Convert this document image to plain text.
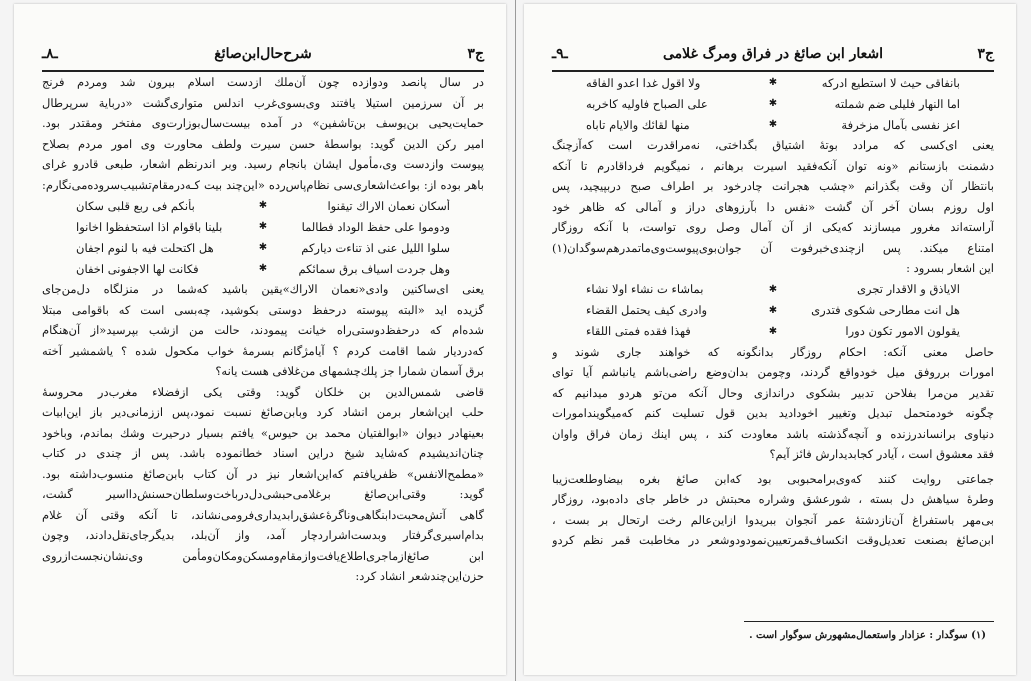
ج۳
شرح‌حال‌ابن‌صائغ
ـ۸ـ
در سال پانصد ودوازده چون آن‌ملك ازدست اسلام بیرون شد ومردم فرنج
بر آن سرزمین استیلا یافتند وی‌بسوی‌غرب اندلس متواری‌گشت «درباية سرپرطال
حمایت‌یحیی بن‌یوسف بن‌تاشفین» در آمده بیست‌سال‌بوزارت‌وی مفتخر ومقتدر بود.
امیر رکن الدین گوید: بواسطهٔ حسن سیرت ولطف محاورت وی امور مردم بصلاح
پیوست وازدست وی،مأمول ایشان بانجام رسید. وبر اندرنظم اشعار، طبعی قادرو غرای
باهر بوده از: بواعث‌اشعار‌ی‌سی نظام‌پاس‌رده «این‌چند بیت کـه‌درمقام‌تشبیب‌سروده‌می‌نگارم:
أسكان نعمان الاراك تيقنوا
✱
بأنكم فى ربع قلبى سكان
ودوموا على حفظ الوداد فطالما
✱
بلينا باقوام اذا استحفظوا اخانوا
سلوا الليل عنى اذ تناءت دياركم
✱
هل اكتحلت فيه با لنوم اجفان
وهل جردت اسياف برق سمائكم
✱
فكانت لها الاجفونی اخفان
یعنی ای‌ساکنین وادی«نعمان الاراك»یقین باشید که‌شما در منزلگاه دل‌من‌جای
گزیده اید «البته پیوسته درحفظ دوستی بکوشید، چه‌بسی است که باقوامی مبتلا
شده‌ام که درحفظ‌دوستی‌راه خیانت پیمودند، حالت من ازشب بپرسید«از آن‌هنگام
که‌دردیار شما اقامت کردم ؟ آیامژگانم بسرمهٔ خواب مکحول شده ؟ یاشمشیر آخته
برق آسمان شمارا جز پلك‌چشمهای من‌غلافی هست یانه؟
قاضی شمس‌الدین بن خلکان گوید: وقتی یکی ازفضلاء مغرب‌در محروسهٔ
حلب این‌اشعار برمن انشاد کرد وبابن‌صائغ نسبت نمود،پس اززمانی‌دیر باز این‌ابیات
بعینها‌در دیوان «ابوالفتیان محمد بن حیوس» یافتم بسیار درحیرت وشك بماندم، وباخود
چنان‌اندیشیدم که‌شاید شیخ دراین اسناد خطانموده باشد. پس از چندی در کتاب
«مطمح‌الانفس» ظفریافتم که‌این‌اشعار نیز در آن کتاب بابن‌صائغ منسوب‌داشته بود.
گوید: وقتی‌ابن‌صائغ برغلامی‌حبشی‌دل‌درباخت‌و‌سلطان‌حسنش‌دا‌اسیر گشت،
گاهی آتش‌محبت‌دا‌بنگاهی‌وناگرهٔ‌عشق‌را‌بدیداری‌فرومی‌نشاند، تا آنکه وقتی آن غلام
بدام‌اسیری‌گرفتار و‌بدست‌اشرار‌دچار آمد، و‌از آن‌بلد، بدیگرجای‌نقل‌دادند، وچون
ابن صائغ‌ازماجری‌اطلاع‌یافت‌وازمقام‌ومسکن‌ومکان‌ومأمن وی‌نشان‌نجست‌ازروی
حزن‌این‌چندشعر انشاد کرد:
ج۳
اشعار ابن صائغ در فراق ومرگ غلامی
ـ۹ـ
بانفاقی حیث لا استطیع ادرکه
✱
ولا اقول غدا اعدو الفاقه
اما النهار فليلى ضم شملته
✱
على الصباح فاوليه كاخربه
اعز نفسى بآمال مزخرفة
✱
منها لقائك والايام تاباه
یعنی ای‌کسی که مرادد بوتهٔ اشتیاق بگداختی، نه‌مراقدرت است که‌آزچنگ
دشمنت بازستانم «ونه توان آنکه‌فقید اسیرت برهانم ، نمیگویم فرداقادرم تا آنکه
بانتظار آن وقت بگذرانم «چشب هجرانت چادرخود بر اطراف صبح دربپیچید، پس
اول روزم بسان آخر آن گشت «نفس دا بآرزوهای دراز و آمالی که ظاهر خود
آراسته‌اند مغرور میسازند که‌یکی از آن آمال وصل روی تواست، با آنکه روزگار
امتناع میکند. پس ازچندی‌خبرفوت آن جوان‌بوی‌پیوست‌وی‌ماتمدرهم‌سوگدان(۱)
این اشعار بسرود :
الایاذق و الاقدار تجرى
✱
بماشاء ت نشاء اولا نشاء
هل انت مطارحی شکوی فتدری
✱
وادری کیف یحتمل القضاء
یقولون الامور تکون دورا
✱
فهذا فقده فمتى اللقاء
حاصل معنی آنکه: احکام روزگار بدانگونه که خواهند جاری شوند و
امورات برروفق میل خودواقع گردند، وچومن بدان‌وضع راضی‌باشم یانباشم آیا توای
تقدیر من‌مرا بفلاحن تدبیر بشکوی دراندازی وحال آنکه من‌تو هردو میدانیم که
چگونه خودمتحمل تبدیل وتغییر اخودادید بدین قول تسلیت کنم که‌میگویندامورات
دنیاوی برانساندرزنده و آنچه‌گذشته باشد معاودت کند ، پس اینك زمان فراق واوان
فقد معشوق است ، آیادر کجابدیدارش فائز آیم؟
جماعتی روایت کنند که‌وی‌برامحبوبی بود که‌ابن صائغ بغره بیضاو‌طلعت‌زیبا
وطرهٔ سیاهش دل بسته ، شورعشق وشراره محبتش در خاطر جای داده‌بود، روزگار
بی‌مهر باستفراغ آن‌ناز‌دشتهٔ عمر آنجوان ببریدوا ازاین‌عالم رخت ارتحال بر بست ،
ابن‌صائغ بصنعت تعدیل‌وقت انکساف‌قمر‌تعیین‌نمود‌و‌دو‌شعر در مخاطبت قمر نظم کرد‌و
(۱) سوگدار : عزادار واستعمال‌مشهورش سوگوار است .
